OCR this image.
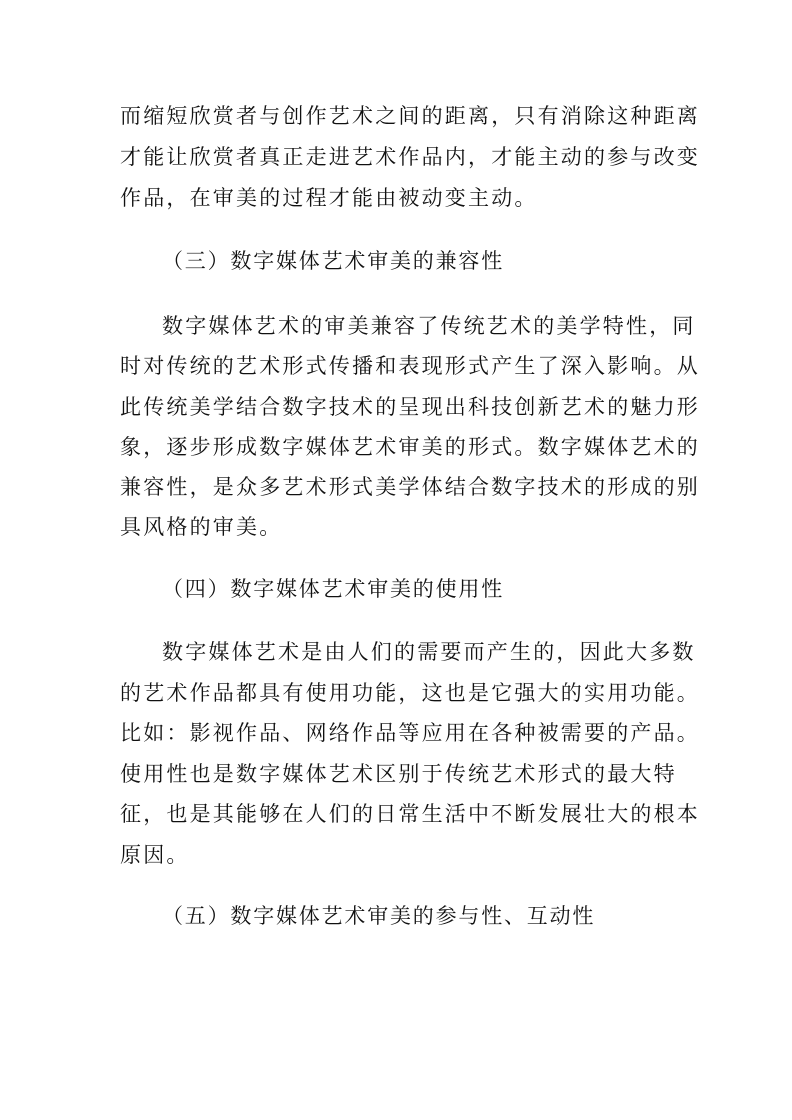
而缩短欣赏者与创作艺术之间的距离，只有消除这种距离
才能让欣赏者真正走进艺术作品内，才能主动的参与改变
作品，在审美的过程才能由被动变主动。
（三）数字媒体艺术审美的兼容性
数字媒体艺术的审美兼容了传统艺术的美学特性，同
时对传统的艺术形式传播和表现形式产生了深入影响。从
此传统美学结合数字技术的呈现出科技创新艺术的魅力形
象，逐步形成数字媒体艺术审美的形式。数字媒体艺术的
兼容性，是众多艺术形式美学体结合数字技术的形成的别
具风格的审美。
（四）数字媒体艺术审美的使用性
数字媒体艺术是由人们的需要而产生的，因此大多数
的艺术作品都具有使用功能，这也是它强大的实用功能。
比如：影视作品、网络作品等应用在各种被需要的产品。
使用性也是数字媒体艺术区别于传统艺术形式的最大特
征，也是其能够在人们的日常生活中不断发展壮大的根本
原因。
（五）数字媒体艺术审美的参与性、互动性
